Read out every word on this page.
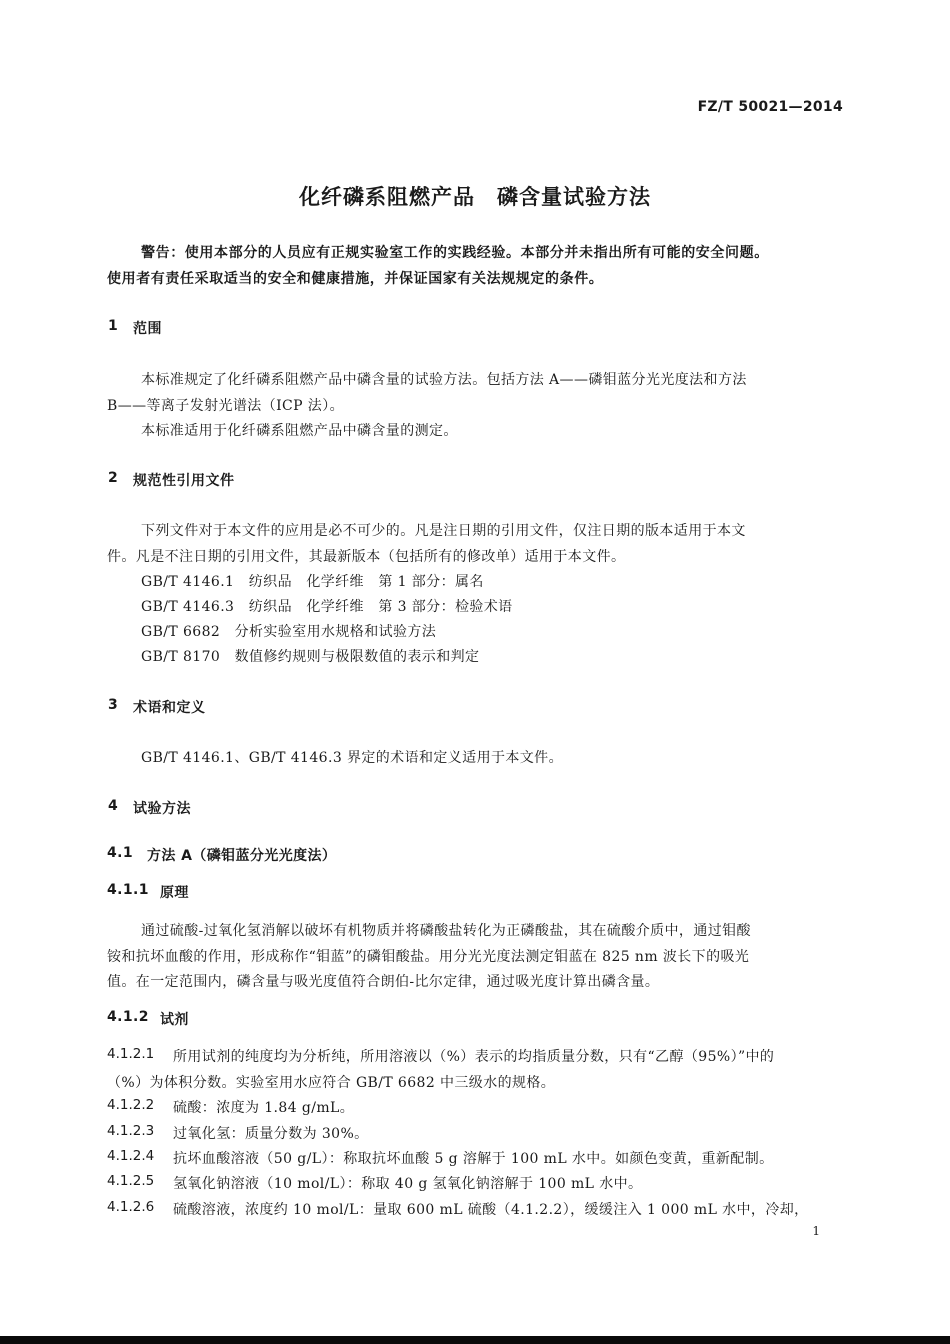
FZ/T 50021—2014
化纤磷系阻燃产品　磷含量试验方法
警告：使用本部分的人员应有正规实验室工作的实践经验。本部分并未指出所有可能的安全问题。
使用者有责任采取适当的安全和健康措施，并保证国家有关法规规定的条件。
1 范围
本标准规定了化纤磷系阻燃产品中磷含量的试验方法。包括方法 A——磷钼蓝分光光度法和方法
B——等离子发射光谱法（ICP 法）。
本标准适用于化纤磷系阻燃产品中磷含量的测定。
2 规范性引用文件
下列文件对于本文件的应用是必不可少的。凡是注日期的引用文件，仅注日期的版本适用于本文
件。凡是不注日期的引用文件，其最新版本（包括所有的修改单）适用于本文件。
GB/T 4146.1　纺织品　化学纤维　第 1 部分：属名
GB/T 4146.3　纺织品　化学纤维　第 3 部分：检验术语
GB/T 6682　分析实验室用水规格和试验方法
GB/T 8170　数值修约规则与极限数值的表示和判定
3 术语和定义
GB/T 4146.1、GB/T 4146.3 界定的术语和定义适用于本文件。
4 试验方法
4.1 方法 A（磷钼蓝分光光度法）
4.1.1 原理
通过硫酸-过氧化氢消解以破坏有机物质并将磷酸盐转化为正磷酸盐，其在硫酸介质中，通过钼酸
铵和抗坏血酸的作用，形成称作“钼蓝”的磷钼酸盐。用分光光度法测定钼蓝在 825 nm 波长下的吸光
值。在一定范围内，磷含量与吸光度值符合朗伯-比尔定律，通过吸光度计算出磷含量。
4.1.2 试剂
4.1.2.1 所用试剂的纯度均为分析纯，所用溶液以（%）表示的均指质量分数，只有“乙醇（95%）”中的
（%）为体积分数。实验室用水应符合 GB/T 6682 中三级水的规格。
4.1.2.2 硫酸：浓度为 1.84 g/mL。
4.1.2.3 过氧化氢：质量分数为 30%。
4.1.2.4 抗坏血酸溶液（50 g/L）：称取抗坏血酸 5 g 溶解于 100 mL 水中。如颜色变黄，重新配制。
4.1.2.5 氢氧化钠溶液（10 mol/L）：称取 40 g 氢氧化钠溶解于 100 mL 水中。
4.1.2.6 硫酸溶液，浓度约 10 mol/L：量取 600 mL 硫酸（4.1.2.2），缓缓注入 1 000 mL 水中，冷却，
1
